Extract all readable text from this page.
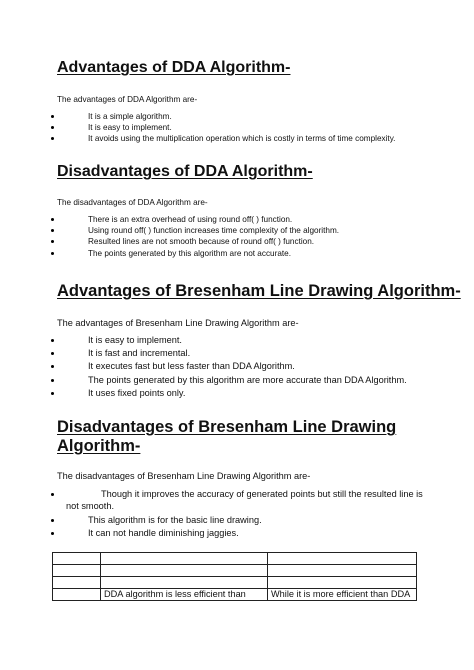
Advantages of DDA Algorithm-

The advantages of DDA Algorithm are-

It is a simple algorithm.
It is easy to implement.
It avoids using the multiplication operation which is costly in terms of time complexity.
Disadvantages of DDA Algorithm-

The disadvantages of DDA Algorithm are-

There is an extra overhead of using round off( ) function.
Using round off( ) function increases time complexity of the algorithm.
Resulted lines are not smooth because of round off( ) function.
The points generated by this algorithm are not accurate.
Advantages of Bresenham Line Drawing Algorithm-

The advantages of Bresenham Line Drawing Algorithm are-

It is easy to implement.
It is fast and incremental.
It executes fast but less faster than DDA Algorithm.
The points generated by this algorithm are more accurate than DDA Algorithm.
It uses fixed points only.
Disadvantages of Bresenham Line Drawing
Algorithm-

The disadvantages of Bresenham Line Drawing Algorithm are-

Though it improves the accuracy of generated points but still the resulted line is
not smooth.
This algorithm is for the basic line drawing.
It can not handle diminishing jaggies.

	DDA algorithm is less efficient than	While it is more efficient than DDA
